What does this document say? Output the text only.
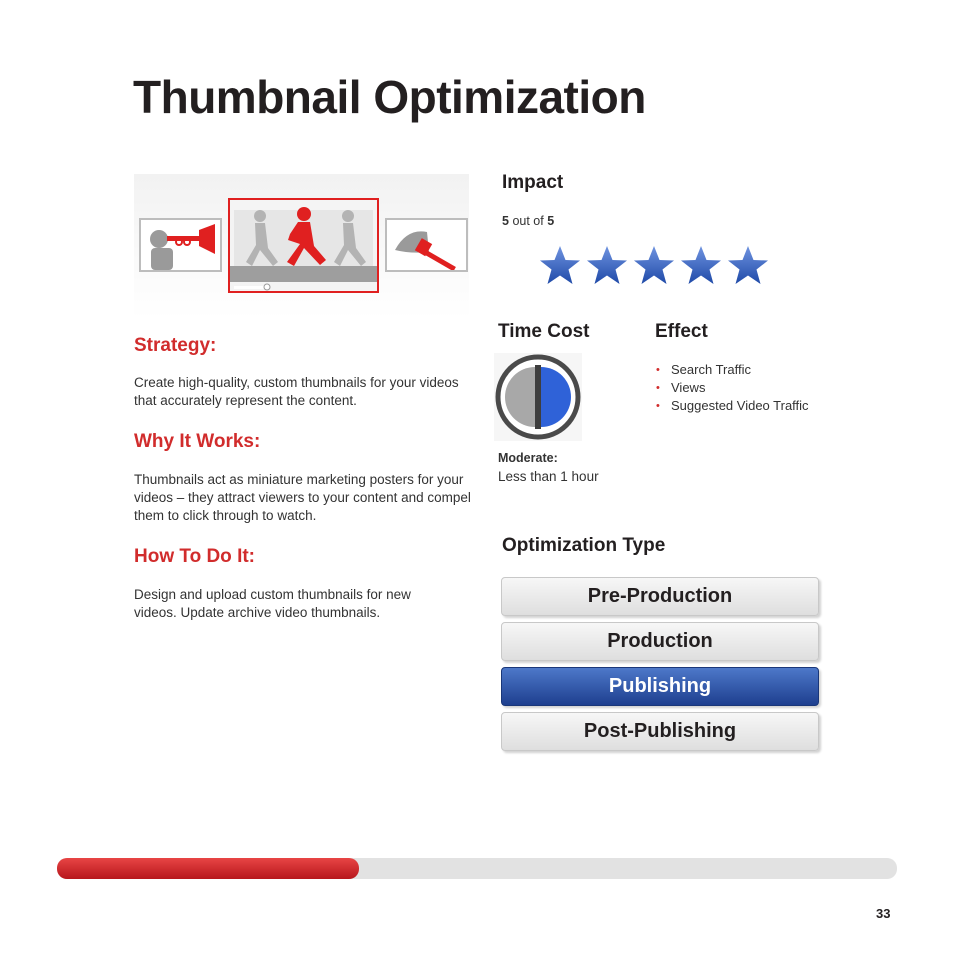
Thumbnail Optimization
Strategy:
Create high-quality, custom thumbnails for your videos that accurately represent the content.
Why It Works:
Thumbnails act as miniature marketing posters for your videos – they attract viewers to your content and compel them to click through to watch.
How To Do It:
Design and upload custom thumbnails for new videos. Update archive video thumbnails.
Impact
5 out of 5
Time Cost
Moderate:
Less than 1 hour
Effect
• Search Traffic
• Views
• Suggested Video Traffic
Optimization Type
Pre-Production
Production
Publishing
Post-Publishing
33
